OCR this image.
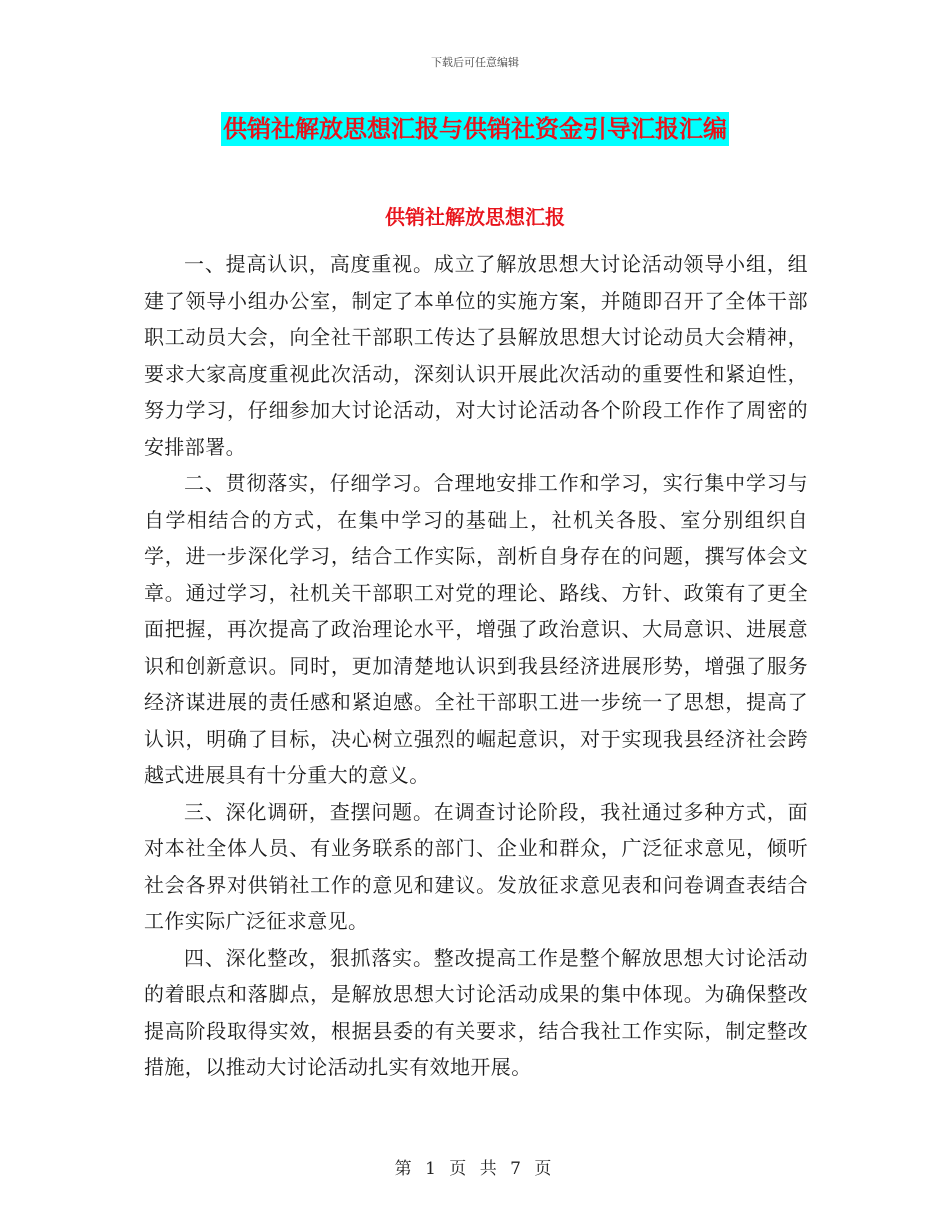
下载后可任意编辑
供销社解放思想汇报与供销社资金引导汇报汇编
供销社解放思想汇报

一、提高认识，高度重视。成立了解放思想大讨论活动领导小组，组建了领导小组办公室，制定了本单位的实施方案，并随即召开了全体干部职工动员大会，向全社干部职工传达了县解放思想大讨论动员大会精神，要求大家高度重视此次活动，深刻认识开展此次活动的重要性和紧迫性，努力学习，仔细参加大讨论活动，对大讨论活动各个阶段工作作了周密的安排部署。

二、贯彻落实，仔细学习。合理地安排工作和学习，实行集中学习与自学相结合的方式，在集中学习的基础上，社机关各股、室分别组织自学，进一步深化学习，结合工作实际，剖析自身存在的问题，撰写体会文章。通过学习，社机关干部职工对党的理论、路线、方针、政策有了更全面把握，再次提高了政治理论水平，增强了政治意识、大局意识、进展意识和创新意识。同时，更加清楚地认识到我县经济进展形势，增强了服务经济谋进展的责任感和紧迫感。全社干部职工进一步统一了思想，提高了认识，明确了目标，决心树立强烈的崛起意识，对于实现我县经济社会跨越式进展具有十分重大的意义。

三、深化调研，查摆问题。在调查讨论阶段，我社通过多种方式，面对本社全体人员、有业务联系的部门、企业和群众，广泛征求意见，倾听社会各界对供销社工作的意见和建议。发放征求意见表和问卷调查表结合工作实际广泛征求意见。

四、深化整改，狠抓落实。整改提高工作是整个解放思想大讨论活动的着眼点和落脚点，是解放思想大讨论活动成果的集中体现。为确保整改提高阶段取得实效，根据县委的有关要求，结合我社工作实际，制定整改措施，以推动大讨论活动扎实有效地开展。

第 1 页 共 7 页
